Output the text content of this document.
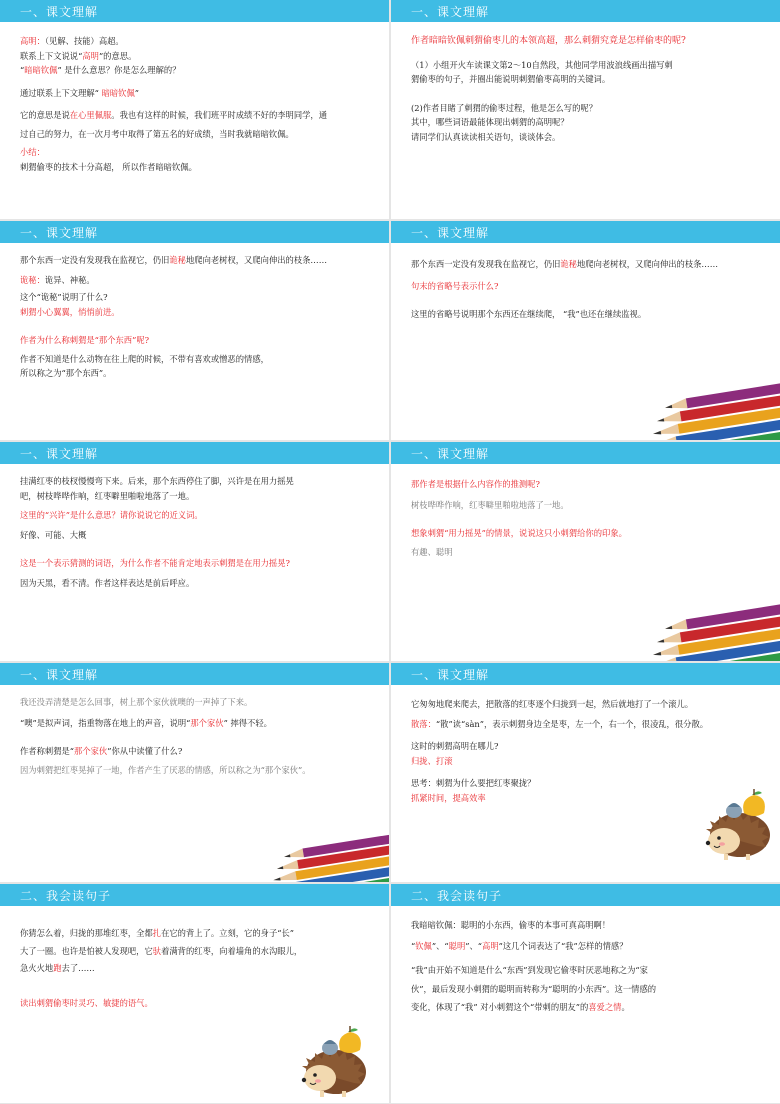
一、课文理解

高明：（见解、技能）高超。

联系上下文说说“高明”的意思。

“暗暗钦佩” 是什么意思？你是怎么理解的？

通过联系上下文理解“ 暗暗钦佩”

它的意思是说在心里佩服。我也有这样的时候，我们班平时成绩不好的李明同学，通

过自己的努力，在一次月考中取得了第五名的好成绩，当时我就暗暗钦佩。

小结：

刺猬偷枣的技术十分高超， 所以作者暗暗钦佩。

一、课文理解

作者暗暗钦佩刺猬偷枣儿的本领高超，那么刺猬究竟是怎样偷枣的呢?

（1）小组开火车读课文第2～10自然段，其他同学用波浪线画出描写刺

猬偷枣的句子，并圈出能说明刺猬偷枣高明的关键词。

(2)作者目睹了刺猬的偷枣过程，他是怎么写的呢？

其中，哪些词语最能体现出刺猬的高明呢？

请同学们认真读读相关语句，谈谈体会。

一、课文理解

那个东西一定没有发现我在监视它，仍旧诡秘地爬向老树杈，又爬向伸出的枝条……

诡秘：诡异、神秘。

这个“诡秘”说明了什么?

刺猬小心翼翼，悄悄前进。

作者为什么称刺猬是“那个东西”呢?

作者不知道是什么动物在往上爬的时候，不带有喜欢或憎恶的情感，

所以称之为“那个东西”。

一、课文理解

那个东西一定没有发现我在监视它，仍旧诡秘地爬向老树杈，又爬向伸出的枝条……

句末的省略号表示什么?

这里的省略号说明那个东西还在继续爬， “我”也还在继续监视。

一、课文理解

挂满红枣的枝杈慢慢弯下来。后来，那个东西停住了脚，兴许是在用力摇晃

吧，树枝哗哗作响，红枣噼里啪啦地落了一地。

这里的“兴许”是什么意思？请你说说它的近义词。

好像、可能、大概

这是一个表示猜测的词语，为什么作者不能肯定地表示刺猬是在用力摇晃?

因为天黑，看不清。作者这样表达是前后呼应。

一、课文理解

那作者是根据什么内容作的推测呢?

树枝哗哗作响，红枣噼里啪啦地落了一地。

想象刺猬“用力摇晃”的情景，说说这只小刺猬给你的印象。

有趣、聪明

一、课文理解

我还没弄清楚是怎么回事，树上那个家伙就噢的一声掉了下来。

“噢”是拟声词，指重物落在地上的声音，说明“那个家伙” 摔得不轻。

作者称刺猬是“那个家伙”你从中读懂了什么?

因为刺猬把红枣晃掉了一地，作者产生了厌恶的情感，所以称之为“那个家伙”。

一、课文理解

它匆匆地爬来爬去，把散落的红枣逐个归拢到一起，然后就地打了一个滚儿。

散落：“散”读“sàn”，表示刺猬身边全是枣，左一个，右一个，很凌乱，很分散。

这时的刺猬高明在哪儿?

归拢、打滚

思考：刺猬为什么要把红枣聚拢？

抓紧时间，提高效率

二、我会读句子

你猜怎么着，归拢的那堆红枣，全都扎在它的背上了。立刻，它的身子“长”

大了一圈。也许是怕被人发现吧，它驮着满背的红枣，向着墙角的水沟眼儿，

急火火地跑去了……

读出刺猬偷枣时灵巧、敏捷的语气。

二、我会读句子

我暗暗钦佩：聪明的小东西，偷枣的本事可真高明啊！

“钦佩”、“聪明”、“高明”这几个词表达了“我”怎样的情感？

“我”由开始不知道是什么“东西”到发现它偷枣时厌恶地称之为“家

伙”，最后发现小刺猬的聪明而转称为“聪明的小东西”。这一情感的

变化，体现了“我” 对小刺猬这个“带刺的朋友”的喜爱之情。
